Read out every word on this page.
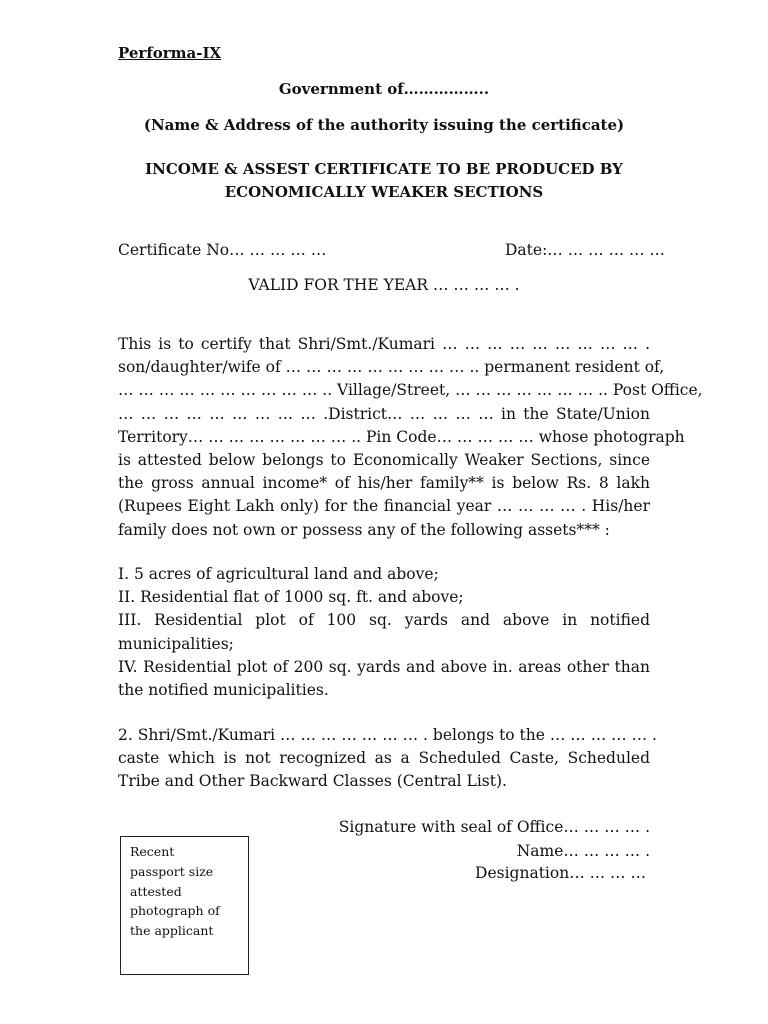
Performa-IX
Government of……………..
(Name & Address of the authority issuing the certificate)
INCOME & ASSEST CERTIFICATE TO BE PRODUCED BY
ECONOMICALLY WEAKER SECTIONS
Certificate No… … … … …	Date:… … … … … …
VALID FOR THE YEAR … … … … .
This is to certify that Shri/Smt./Kumari … … … … … … … … … .
son/daughter/wife of … … … … … … … … … .. permanent resident of,
… … … … … … … … … … .. Village/Street, … … … … … … … .. Post Office,
… … … … … … … … … .District… … … … … in the State/Union
Territory… … … … … … … … .. Pin Code… … … … … whose photograph
is attested below belongs to Economically Weaker Sections, since
the gross annual income* of his/her family** is below Rs. 8 lakh
(Rupees Eight Lakh only) for the financial year … … … … . His/her
family does not own or possess any of the following assets*** :
I. 5 acres of agricultural land and above;
II. Residential flat of 1000 sq. ft. and above;
III. Residential plot of 100 sq. yards and above in notified
municipalities;
IV. Residential plot of 200 sq. yards and above in. areas other than
the notified municipalities.
2. Shri/Smt./Kumari … … … … … … … . belongs to the … … … … … .
caste which is not recognized as a Scheduled Caste, Scheduled
Tribe and Other Backward Classes (Central List).
Signature with seal of Office… … … … .
Name… … … … .
Designation… … … …
Recent
passport size
attested
photograph of
the applicant
